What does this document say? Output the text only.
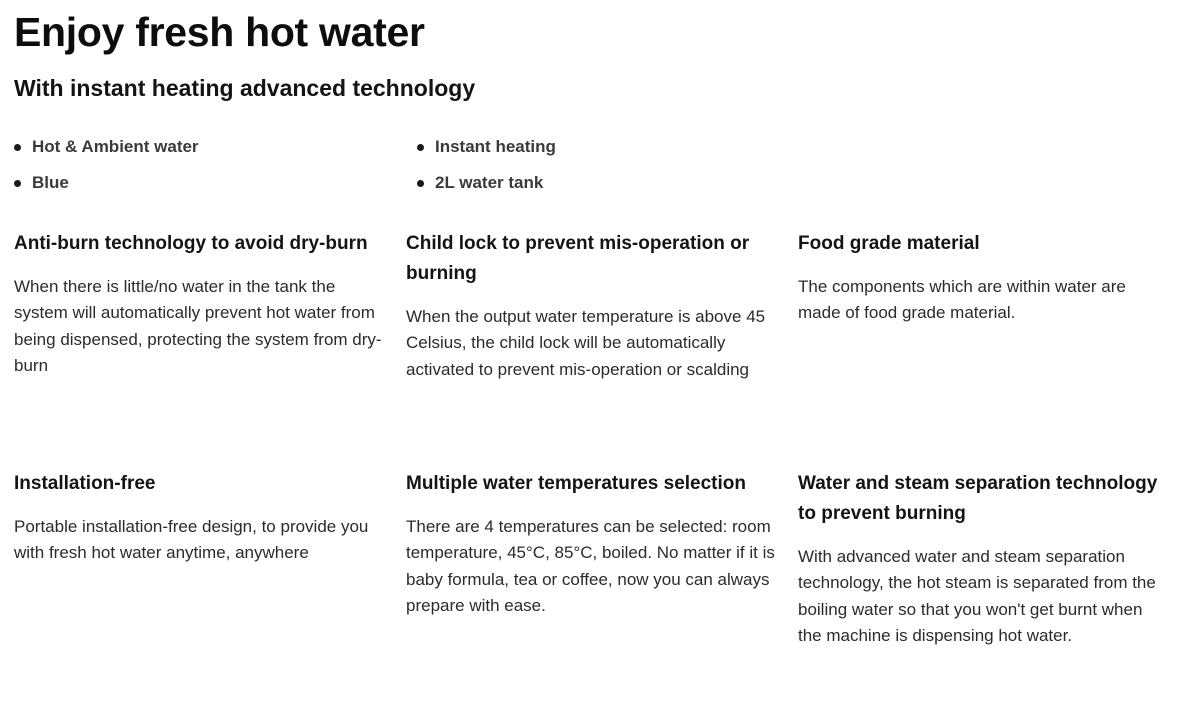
Enjoy fresh hot water
With instant heating advanced technology
Hot & Ambient water
Blue
Instant heating
2L water tank
Anti-burn technology to avoid dry-burn

When there is little/no water in the tank the system will automatically prevent hot water from being dispensed, protecting the system from dry-burn

Child lock to prevent mis-operation or burning

When the output water temperature is above 45 Celsius, the child lock will be automatically activated to prevent mis-operation or scalding

Food grade material

The components which are within water are made of food grade material.

Installation-free

Portable installation-free design, to provide you with fresh hot water anytime, anywhere

Multiple water temperatures selection

There are 4 temperatures can be selected: room temperature, 45°C, 85°C, boiled. No matter if it is baby formula, tea or coffee, now you can always prepare with ease.

Water and steam separation technology to prevent burning

With advanced water and steam separation technology, the hot steam is separated from the boiling water so that you won't get burnt when the machine is dispensing hot water.
